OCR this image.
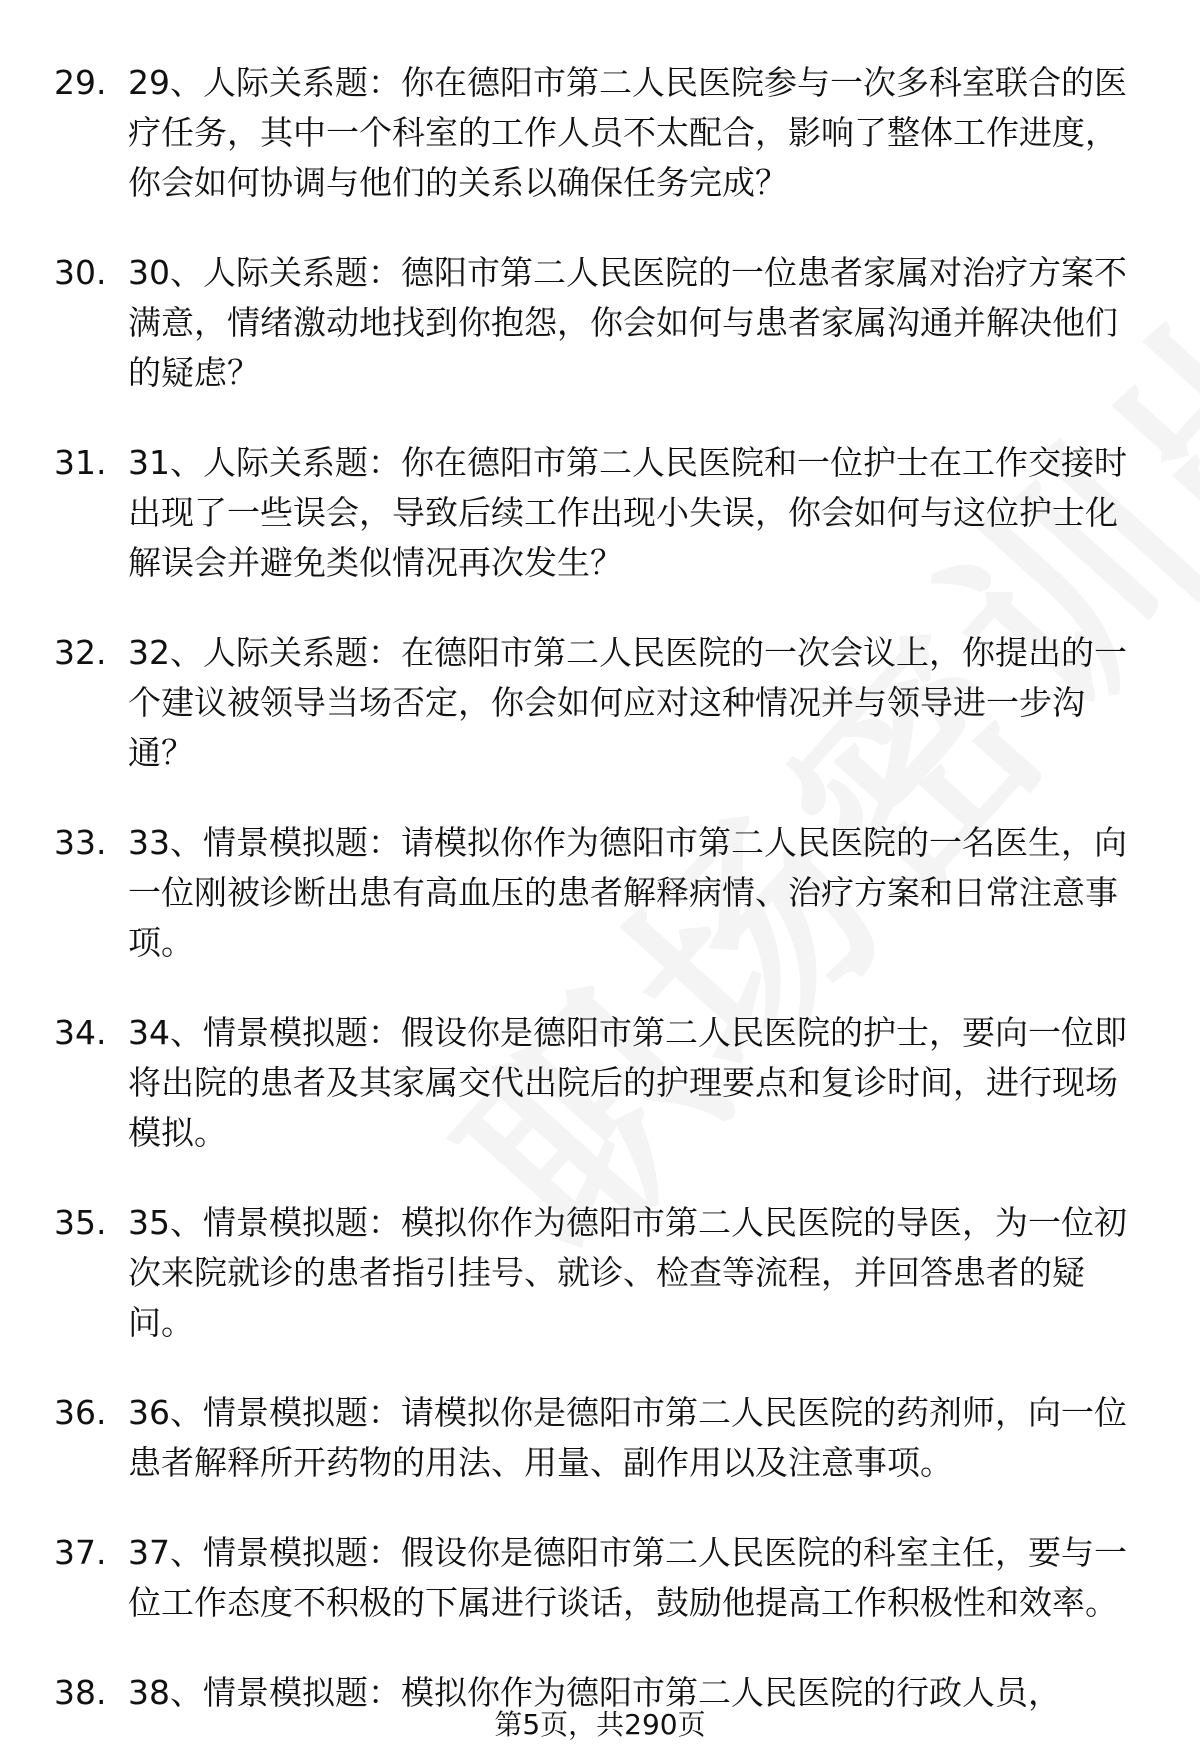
29. 29、人际关系题：你在德阳市第二人民医院参与一次多科室联合的医疗任务，其中一个科室的工作人员不太配合，影响了整体工作进度，你会如何协调与他们的关系以确保任务完成？
30. 30、人际关系题：德阳市第二人民医院的一位患者家属对治疗方案不满意，情绪激动地找到你抱怨，你会如何与患者家属沟通并解决他们的疑虑？
31. 31、人际关系题：你在德阳市第二人民医院和一位护士在工作交接时出现了一些误会，导致后续工作出现小失误，你会如何与这位护士化解误会并避免类似情况再次发生？
32. 32、人际关系题：在德阳市第二人民医院的一次会议上，你提出的一个建议被领导当场否定，你会如何应对这种情况并与领导进一步沟通？
33. 33、情景模拟题：请模拟你作为德阳市第二人民医院的一名医生，向一位刚被诊断出患有高血压的患者解释病情、治疗方案和日常注意事项。
34. 34、情景模拟题：假设你是德阳市第二人民医院的护士，要向一位即将出院的患者及其家属交代出院后的护理要点和复诊时间，进行现场模拟。
35. 35、情景模拟题：模拟你作为德阳市第二人民医院的导医，为一位初次来院就诊的患者指引挂号、就诊、检查等流程，并回答患者的疑问。
36. 36、情景模拟题：请模拟你是德阳市第二人民医院的药剂师，向一位患者解释所开药物的用法、用量、副作用以及注意事项。
37. 37、情景模拟题：假设你是德阳市第二人民医院的科室主任，要与一位工作态度不积极的下属进行谈话，鼓励他提高工作积极性和效率。
38. 38、情景模拟题：模拟你作为德阳市第二人民医院的行政人员，
第5页，共290页
